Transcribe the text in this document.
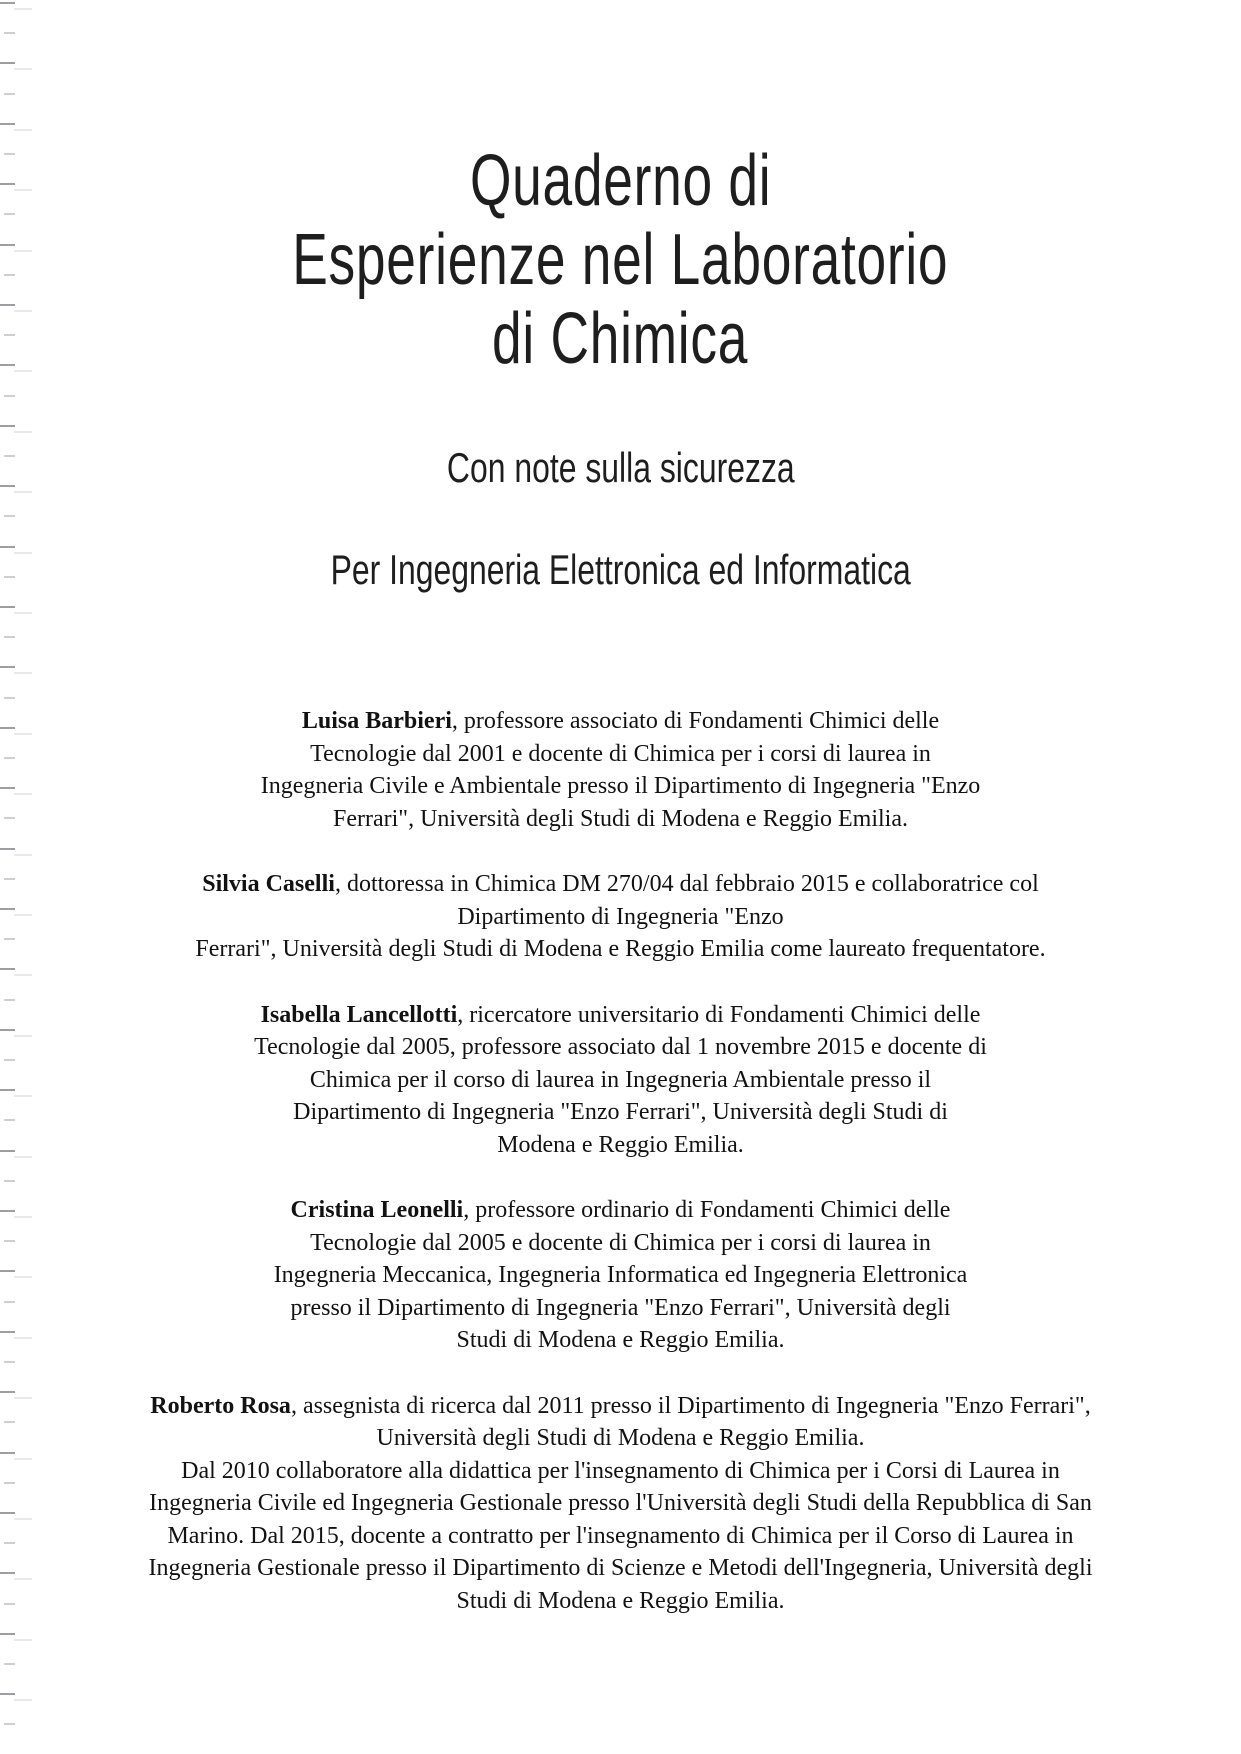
Quaderno di
Esperienze nel Laboratorio
di Chimica
Con note sulla sicurezza
Per Ingegneria Elettronica ed Informatica
Luisa Barbieri, professore associato di Fondamenti Chimici delle
Tecnologie dal 2001 e docente di Chimica per i corsi di laurea in
Ingegneria Civile e Ambientale presso il Dipartimento di Ingegneria "Enzo
Ferrari", Università degli Studi di Modena e Reggio Emilia.
Silvia Caselli, dottoressa in Chimica DM 270/04 dal febbraio 2015 e collaboratrice col
Dipartimento di Ingegneria "Enzo
Ferrari", Università degli Studi di Modena e Reggio Emilia come laureato frequentatore.
Isabella Lancellotti, ricercatore universitario di Fondamenti Chimici delle
Tecnologie dal 2005, professore associato dal 1 novembre 2015 e docente di
Chimica per il corso di laurea in Ingegneria Ambientale presso il
Dipartimento di Ingegneria "Enzo Ferrari", Università degli Studi di
Modena e Reggio Emilia.
Cristina Leonelli, professore ordinario di Fondamenti Chimici delle
Tecnologie dal 2005 e docente di Chimica per i corsi di laurea in
Ingegneria Meccanica, Ingegneria Informatica ed Ingegneria Elettronica
presso il Dipartimento di Ingegneria "Enzo Ferrari", Università degli
Studi di Modena e Reggio Emilia.
Roberto Rosa, assegnista di ricerca dal 2011 presso il Dipartimento di Ingegneria "Enzo Ferrari",
Università degli Studi di Modena e Reggio Emilia.
Dal 2010 collaboratore alla didattica per l'insegnamento di Chimica per i Corsi di Laurea in
Ingegneria Civile ed Ingegneria Gestionale presso l'Università degli Studi della Repubblica di San
Marino. Dal 2015, docente a contratto per l'insegnamento di Chimica per il Corso di Laurea in
Ingegneria Gestionale presso il Dipartimento di Scienze e Metodi dell'Ingegneria, Università degli
Studi di Modena e Reggio Emilia.
